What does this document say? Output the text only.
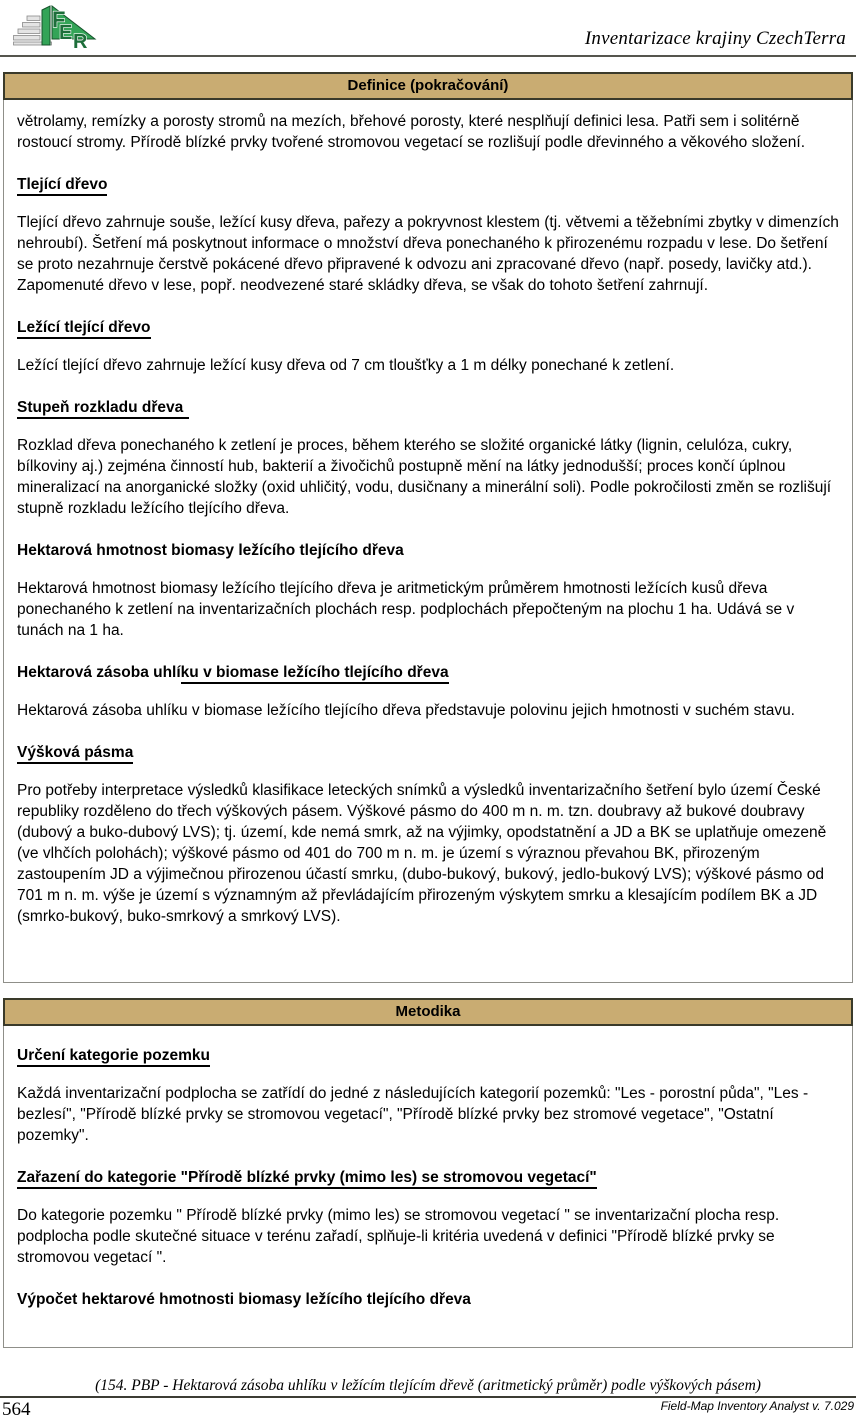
F
E R	Inventarizace krajiny CzechTerra
Definice (pokračování)

větrolamy, remízky a porosty stromů na mezích, břehové porosty, které nesplňují definici lesa. Patři sem i solitérně rostoucí stromy. Přírodě blízké prvky tvořené stromovou vegetací se rozlišují podle dřevinného a věkového složení.

Tlející dřevo

Tlející dřevo zahrnuje souše, ležící kusy dřeva, pařezy a pokryvnost klestem (tj. větvemi a těžebními zbytky v dimenzích nehroubí). Šetření má poskytnout informace o množství dřeva ponechaného k přirozenému rozpadu v lese. Do šetření se proto nezahrnuje čerstvě pokácené dřevo připravené k odvozu ani zpracované dřevo (např. posedy, lavičky atd.). Zapomenuté dřevo v lese, popř. neodvezené staré skládky dřeva, se však do tohoto šetření zahrnují.

Ležící tlející dřevo

Ležící tlející dřevo zahrnuje ležící kusy dřeva od 7 cm tloušťky a 1 m délky ponechané k zetlení.

Stupeň rozkladu dřeva

Rozklad dřeva ponechaného k zetlení je proces, během kterého se složité organické látky (lignin, celulóza, cukry, bílkoviny aj.) zejména činností hub, bakterií a živočichů postupně mění na látky jednodušší; proces končí úplnou mineralizací na anorganické složky (oxid uhličitý, vodu, dusičnany a minerální soli). Podle pokročilosti změn se rozlišují stupně rozkladu ležícího tlejícího dřeva.

Hektarová hmotnost biomasy ležícího tlejícího dřeva

Hektarová hmotnost biomasy ležícího tlejícího dřeva je aritmetickým průměrem hmotnosti ležících kusů dřeva ponechaného k zetlení na inventarizačních plochách resp. podplochách přepočteným na plochu 1 ha. Udává se v tunách na 1 ha.

Hektarová zásoba uhlíku v biomase ležícího tlejícího dřeva

Hektarová zásoba uhlíku v biomase ležícího tlejícího dřeva představuje polovinu jejich hmotnosti v suchém stavu.

Výšková pásma

Pro potřeby interpretace výsledků klasifikace leteckých snímků a výsledků inventarizačního šetření bylo území České republiky rozděleno do třech výškových pásem. Výškové pásmo do 400 m n. m. tzn. doubravy až bukové doubravy (dubový a buko-dubový LVS); tj. území, kde nemá smrk, až na výjimky, opodstatnění a JD a BK se uplatňuje omezeně (ve vlhčích polohách); výškové pásmo od 401 do 700 m n. m. je území s výraznou převahou BK, přirozeným zastoupením JD a výjimečnou přirozenou účastí smrku, (dubo-bukový, bukový, jedlo-bukový LVS); výškové pásmo od 701 m n. m. výše je území s významným až převládajícím přirozeným výskytem smrku a klesajícím podílem BK a JD (smrko-bukový, buko-smrkový a smrkový LVS).

Metodika
Určení kategorie pozemku

Každá inventarizační podplocha se zatřídí do jedné z následujících kategorií pozemků: "Les - porostní půda", "Les - bezlesí", "Přírodě blízké prvky se stromovou vegetací", "Přírodě blízké prvky bez stromové vegetace", "Ostatní pozemky".

Zařazení do kategorie "Přírodě blízké prvky (mimo les) se stromovou vegetací"

Do kategorie pozemku " Přírodě blízké prvky (mimo les) se stromovou vegetací " se inventarizační plocha resp. podplocha podle skutečné situace v terénu zařadí, splňuje-li kritéria uvedená v definici "Přírodě blízké prvky se stromovou vegetací ".

Výpočet hektarové hmotnosti biomasy ležícího tlejícího dřeva
(154. PBP - Hektarová zásoba uhlíku v ležícím tlejícím dřevě (aritmetický průměr) podle výškových pásem)
564	Field-Map Inventory Analyst v. 7.029
